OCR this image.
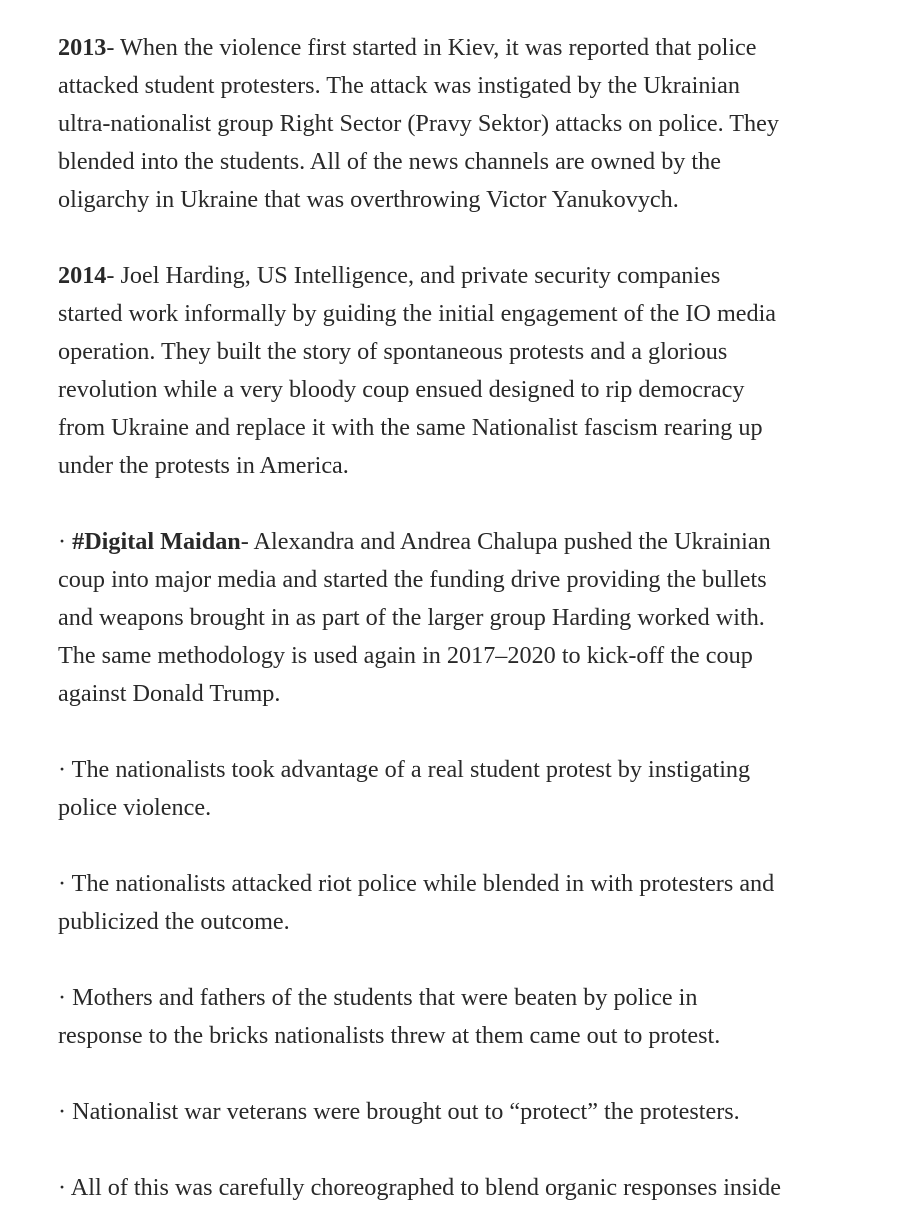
2013- When the violence first started in Kiev, it was reported that police
attacked student protesters. The attack was instigated by the Ukrainian
ultra-nationalist group Right Sector (Pravy Sektor) attacks on police. They
blended into the students. All of the news channels are owned by the
oligarchy in Ukraine that was overthrowing Victor Yanukovych.

2014- Joel Harding, US Intelligence, and private security companies
started work informally by guiding the initial engagement of the IO media
operation. They built the story of spontaneous protests and a glorious
revolution while a very bloody coup ensued designed to rip democracy
from Ukraine and replace it with the same Nationalist fascism rearing up
under the protests in America.

· #Digital Maidan- Alexandra and Andrea Chalupa pushed the Ukrainian
coup into major media and started the funding drive providing the bullets
and weapons brought in as part of the larger group Harding worked with.
The same methodology is used again in 2017–2020 to kick-off the coup
against Donald Trump.

· The nationalists took advantage of a real student protest by instigating
police violence.

· The nationalists attacked riot police while blended in with protesters and
publicized the outcome.

· Mothers and fathers of the students that were beaten by police in
response to the bricks nationalists threw at them came out to protest.

· Nationalist war veterans were brought out to “protect” the protesters.

· All of this was carefully choreographed to blend organic responses inside
